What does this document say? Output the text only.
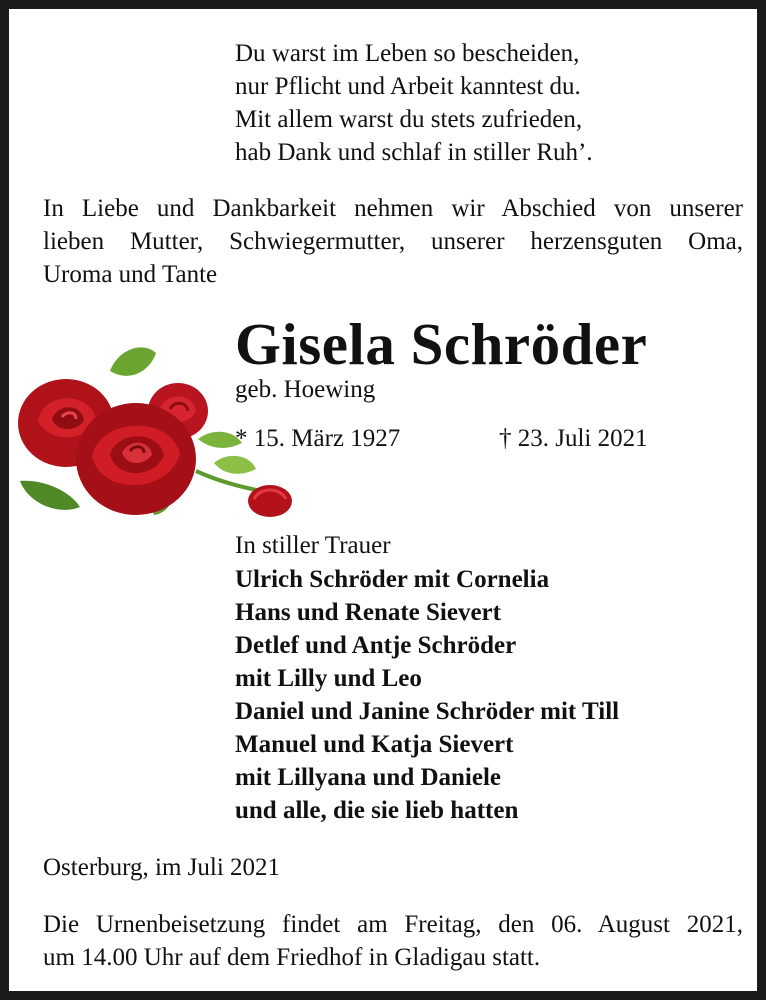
Du warst im Leben so bescheiden,
nur Pflicht und Arbeit kanntest du.
Mit allem warst du stets zufrieden,
hab Dank und schlaf in stiller Ruh’.
In Liebe und Dankbarkeit nehmen wir Abschied von unserer
lieben Mutter, Schwiegermutter, unserer herzensguten Oma,
Uroma und Tante
Gisela Schröder
geb. Hoewing
* 15. März 1927	† 23. Juli 2021
In stiller Trauer
Ulrich Schröder mit Cornelia
Hans und Renate Sievert
Detlef und Antje Schröder
mit Lilly und Leo
Daniel und Janine Schröder mit Till
Manuel und Katja Sievert
mit Lillyana und Daniele
und alle, die sie lieb hatten
Osterburg, im Juli 2021
Die Urnenbeisetzung findet am Freitag, den 06. August 2021,
um 14.00 Uhr auf dem Friedhof in Gladigau statt.
